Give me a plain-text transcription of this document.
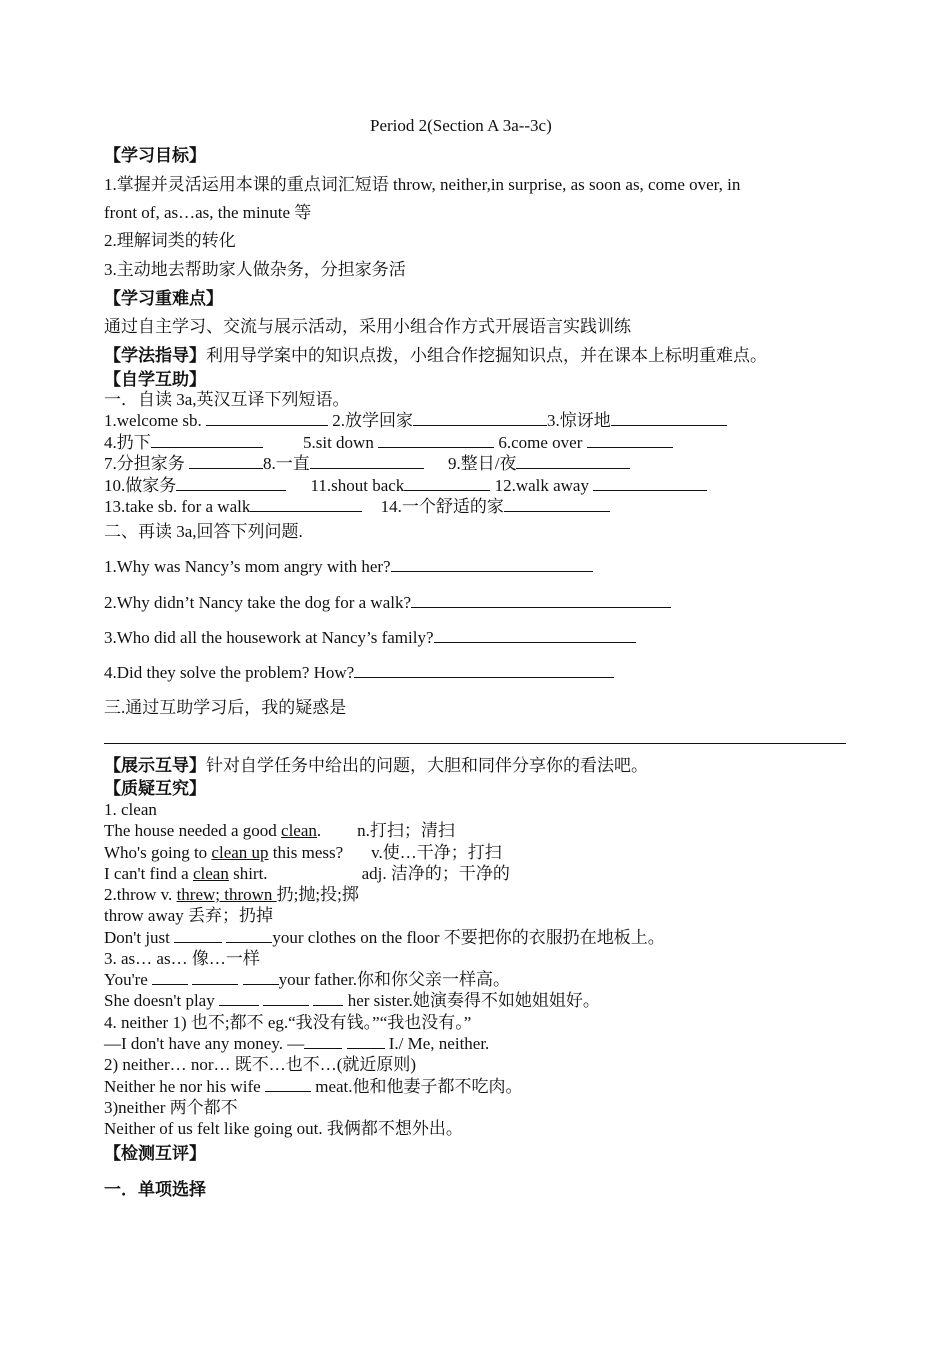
Period 2(Section A 3a--3c)
【学习目标】
1.掌握并灵活运用本课的重点词汇短语 throw, neither,in surprise, as soon as, come over, in
front of, as…as, the minute 等
2.理解词类的转化
3.主动地去帮助家人做杂务，分担家务活
【学习重难点】
通过自主学习、交流与展示活动，采用小组合作方式开展语言实践训练
【学法指导】利用导学案中的知识点拨，小组合作挖掘知识点，并在课本上标明重难点。
【自学互助】
一．自读 3a,英汉互译下列短语。
1.welcome sb.	2.放学回家	3.惊讶地
4.扔下	5.sit down	6.come over
7.分担家务	8.一直	9.整日/夜
10.做家务	11.shout back	12.walk away
13.take sb. for a walk	14.一个舒适的家
二、再读 3a,回答下列问题.
1.Why was Nancy’s mom angry with her?
2.Why didn’t Nancy take the dog for a walk?
3.Who did all the housework at Nancy’s family?
4.Did they solve the problem? How?
三.通过互助学习后，我的疑惑是
【展示互导】针对自学任务中给出的问题，大胆和同伴分享你的看法吧。
【质疑互究】
1. clean
The house needed a good clean. n.打扫；清扫
Who's going to clean up this mess? v.使…干净；打扫
I can't find a clean shirt.	adj. 洁净的；干净的
2.throw v. threw; thrown 扔;抛;投;掷
throw away 丢弃；扔掉
Don't just	your clothes on the floor 不要把你的衣服扔在地板上。
3. as… as… 像…一样
You're	your father.你和你父亲一样高。
She doesn't play	her sister.她演奏得不如她姐姐好。
4. neither 1) 也不;都不 eg.“我没有钱。”“我也没有。”
—I don't have any money. —	I./ Me, neither.
2) neither… nor… 既不…也不…(就近原则)
Neither he nor his wife	meat.他和他妻子都不吃肉。
3)neither 两个都不
Neither of us felt like going out. 我俩都不想外出。
【检测互评】
一．单项选择
